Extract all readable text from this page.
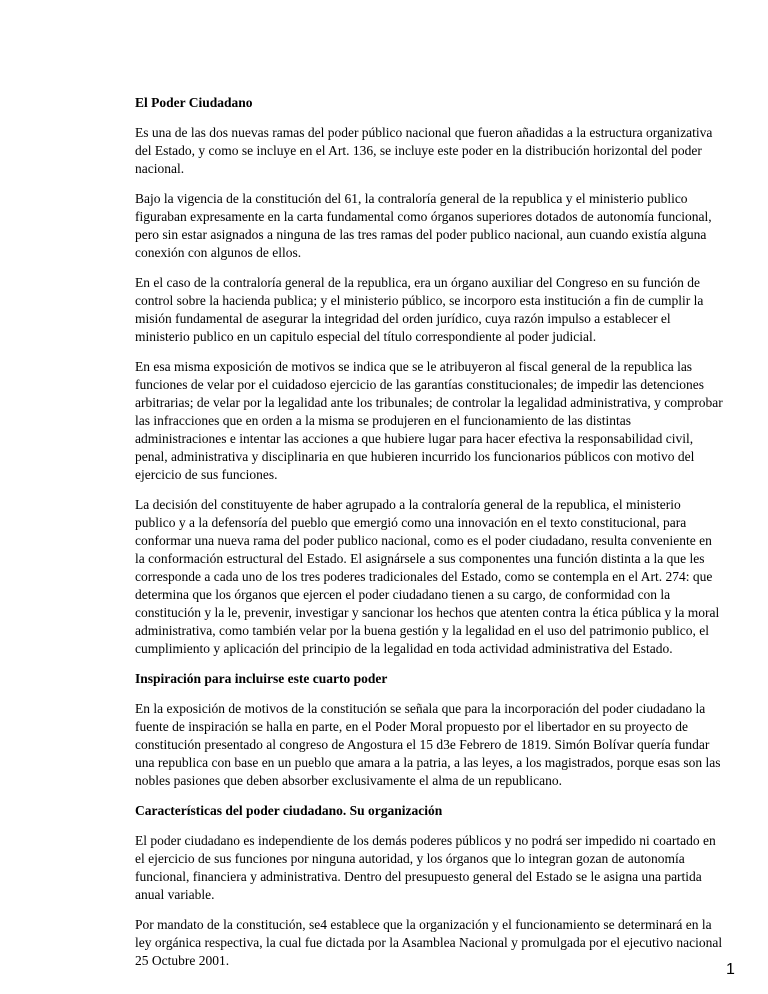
El Poder Ciudadano

Es una de las dos nuevas ramas del poder público nacional que fueron añadidas a la estructura organizativa del Estado, y como se incluye en el Art. 136, se incluye este poder en la distribución horizontal del poder nacional.

Bajo la vigencia de la constitución del 61, la contraloría general de la republica y el ministerio publico figuraban expresamente en la carta fundamental como órganos superiores dotados de autonomía funcional, pero sin estar asignados a ninguna de las tres ramas del poder publico nacional, aun cuando existía alguna conexión con algunos de ellos.

En el caso de la contraloría general de la republica, era un órgano auxiliar del Congreso en su función de control sobre la hacienda publica; y el ministerio público, se incorporo esta institución a fin de cumplir la misión fundamental de asegurar la integridad del orden jurídico, cuya razón impulso a establecer el ministerio publico en un capitulo especial del título correspondiente al poder judicial.

En esa misma exposición de motivos se indica que se le atribuyeron al fiscal general de la republica las funciones de velar por el cuidadoso ejercicio de las garantías constitucionales; de impedir las detenciones arbitrarias; de velar por la legalidad ante los tribunales; de controlar la legalidad administrativa, y comprobar las infracciones que en orden a la misma se produjeren en el funcionamiento de las distintas administraciones e intentar las acciones a que hubiere lugar para hacer efectiva la responsabilidad civil, penal, administrativa y disciplinaria en que hubieren incurrido los funcionarios públicos con motivo del ejercicio de sus funciones.

La decisión del constituyente de haber agrupado a la contraloría general de la republica, el ministerio publico y a la defensoría del pueblo que emergió como una innovación en el texto constitucional, para conformar una nueva rama del poder publico nacional, como es el poder ciudadano, resulta conveniente en la conformación estructural del Estado. El asignársele a sus componentes una función distinta a la que les corresponde a cada uno de los tres poderes tradicionales del Estado, como se contempla en el Art. 274: que determina que los órganos que ejercen el poder ciudadano tienen a su cargo, de conformidad con la constitución y la le, prevenir, investigar y sancionar los hechos que atenten contra la ética pública y la moral administrativa, como también velar por la buena gestión y la legalidad en el uso del patrimonio publico, el cumplimiento y aplicación del principio de la legalidad en toda actividad administrativa del Estado.

Inspiración para incluirse este cuarto poder

En la exposición de motivos de la constitución se señala que para la incorporación del poder ciudadano la fuente de inspiración se halla en parte, en el Poder Moral propuesto por el libertador en su proyecto de constitución presentado al congreso de Angostura el 15 d3e Febrero de 1819. Simón Bolívar quería fundar una republica con base en un pueblo que amara a la patria, a las leyes, a los magistrados, porque esas son las nobles pasiones que deben absorber exclusivamente el alma de un republicano.

Características del poder ciudadano. Su organización

El poder ciudadano es independiente de los demás poderes públicos y no podrá ser impedido ni coartado en el ejercicio de sus funciones por ninguna autoridad, y los órganos que lo integran gozan de autonomía funcional, financiera y administrativa. Dentro del presupuesto general del Estado se le asigna una partida anual variable.

Por mandato de la constitución, se4 establece que la organización y el funcionamiento se determinará en la ley orgánica respectiva, la cual fue dictada por la Asamblea Nacional y promulgada por el ejecutivo nacional 25 Octubre 2001.

1
